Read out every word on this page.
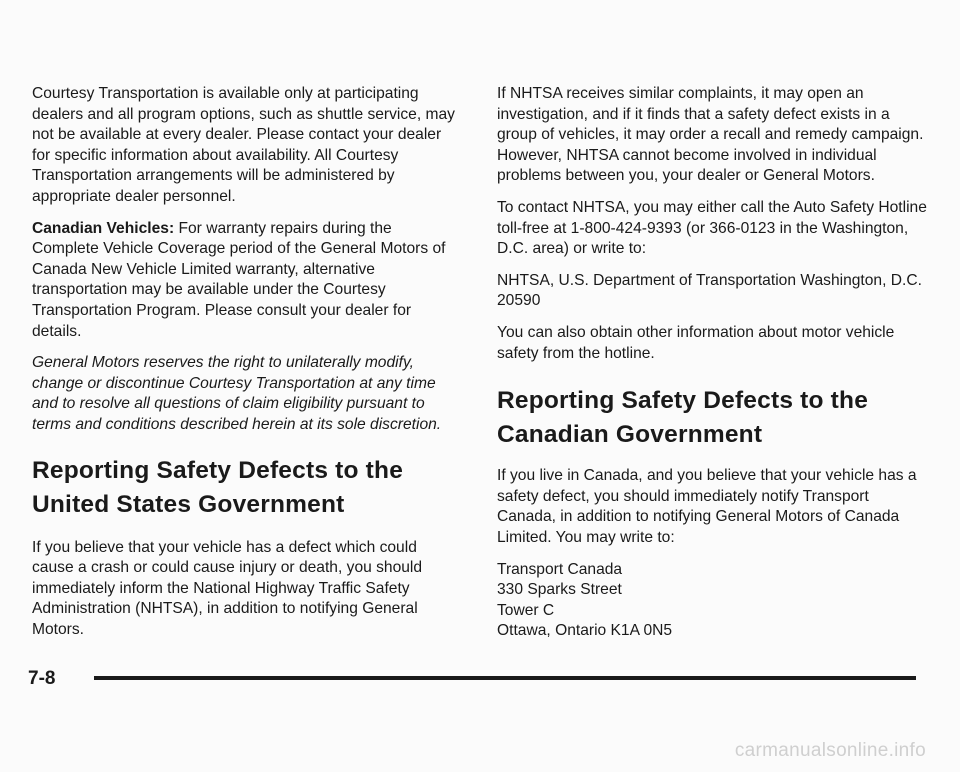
Courtesy Transportation is available only at participating dealers and all program options, such as shuttle service, may not be available at every dealer. Please contact your dealer for specific information about availability. All Courtesy Transportation arrangements will be administered by appropriate dealer personnel.

Canadian Vehicles: For warranty repairs during the Complete Vehicle Coverage period of the General Motors of Canada New Vehicle Limited warranty, alternative transportation may be available under the Courtesy Transportation Program. Please consult your dealer for details.

General Motors reserves the right to unilaterally modify, change or discontinue Courtesy Transportation at any time and to resolve all questions of claim eligibility pursuant to terms and conditions described herein at its sole discretion.

Reporting Safety Defects to the United States Government

If you believe that your vehicle has a defect which could cause a crash or could cause injury or death, you should immediately inform the National Highway Traffic Safety Administration (NHTSA), in addition to notifying General Motors.

If NHTSA receives similar complaints, it may open an investigation, and if it finds that a safety defect exists in a group of vehicles, it may order a recall and remedy campaign. However, NHTSA cannot become involved in individual problems between you, your dealer or General Motors.

To contact NHTSA, you may either call the Auto Safety Hotline toll-free at 1-800-424-9393 (or 366-0123 in the Washington, D.C. area) or write to:

NHTSA, U.S. Department of Transportation Washington, D.C. 20590

You can also obtain other information about motor vehicle safety from the hotline.

Reporting Safety Defects to the Canadian Government

If you live in Canada, and you believe that your vehicle has a safety defect, you should immediately notify Transport Canada, in addition to notifying General Motors of Canada Limited. You may write to:

Transport Canada
330 Sparks Street
Tower C
Ottawa, Ontario K1A 0N5

7-8
carmanualsonline.info
